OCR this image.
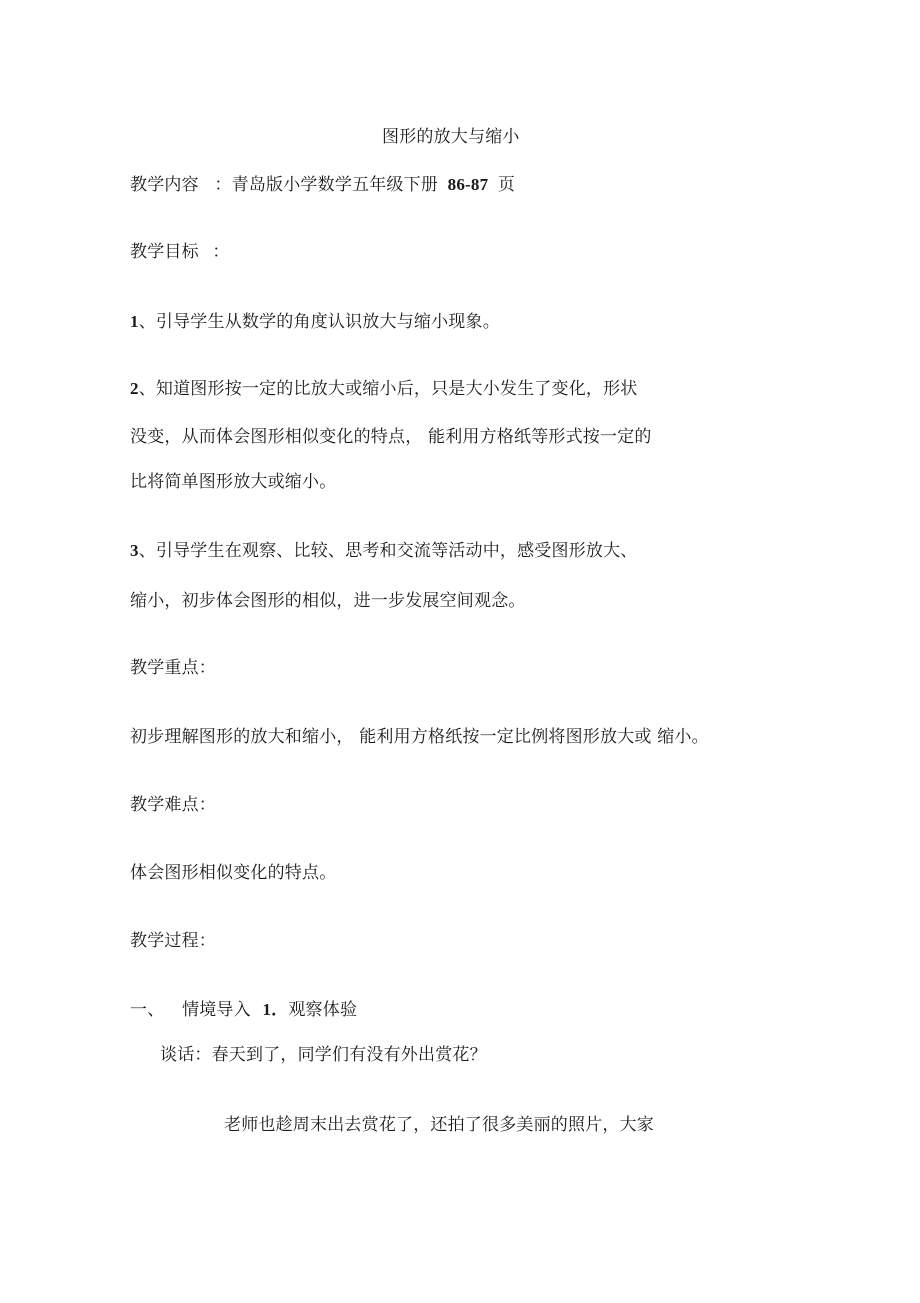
图形的放大与缩小
教学内容 ：青岛版小学数学五年级下册 86-87 页
教学目标 ：
1、引导学生从数学的角度认识放大与缩小现象。
2、知道图形按一定的比放大或缩小后，只是大小发生了变化，形状
没变，从而体会图形相似变化的特点， 能利用方格纸等形式按一定的
比将简单图形放大或缩小。
3、引导学生在观察、比较、思考和交流等活动中，感受图形放大、
缩小，初步体会图形的相似，进一步发展空间观念。
教学重点：
初步理解图形的放大和缩小， 能利用方格纸按一定比例将图形放大或 缩小。
教学难点：
体会图形相似变化的特点。
教学过程：
一、 情境导入 1．观察体验
谈话：春天到了，同学们有没有外出赏花？
老师也趁周末出去赏花了，还拍了很多美丽的照片，大家
